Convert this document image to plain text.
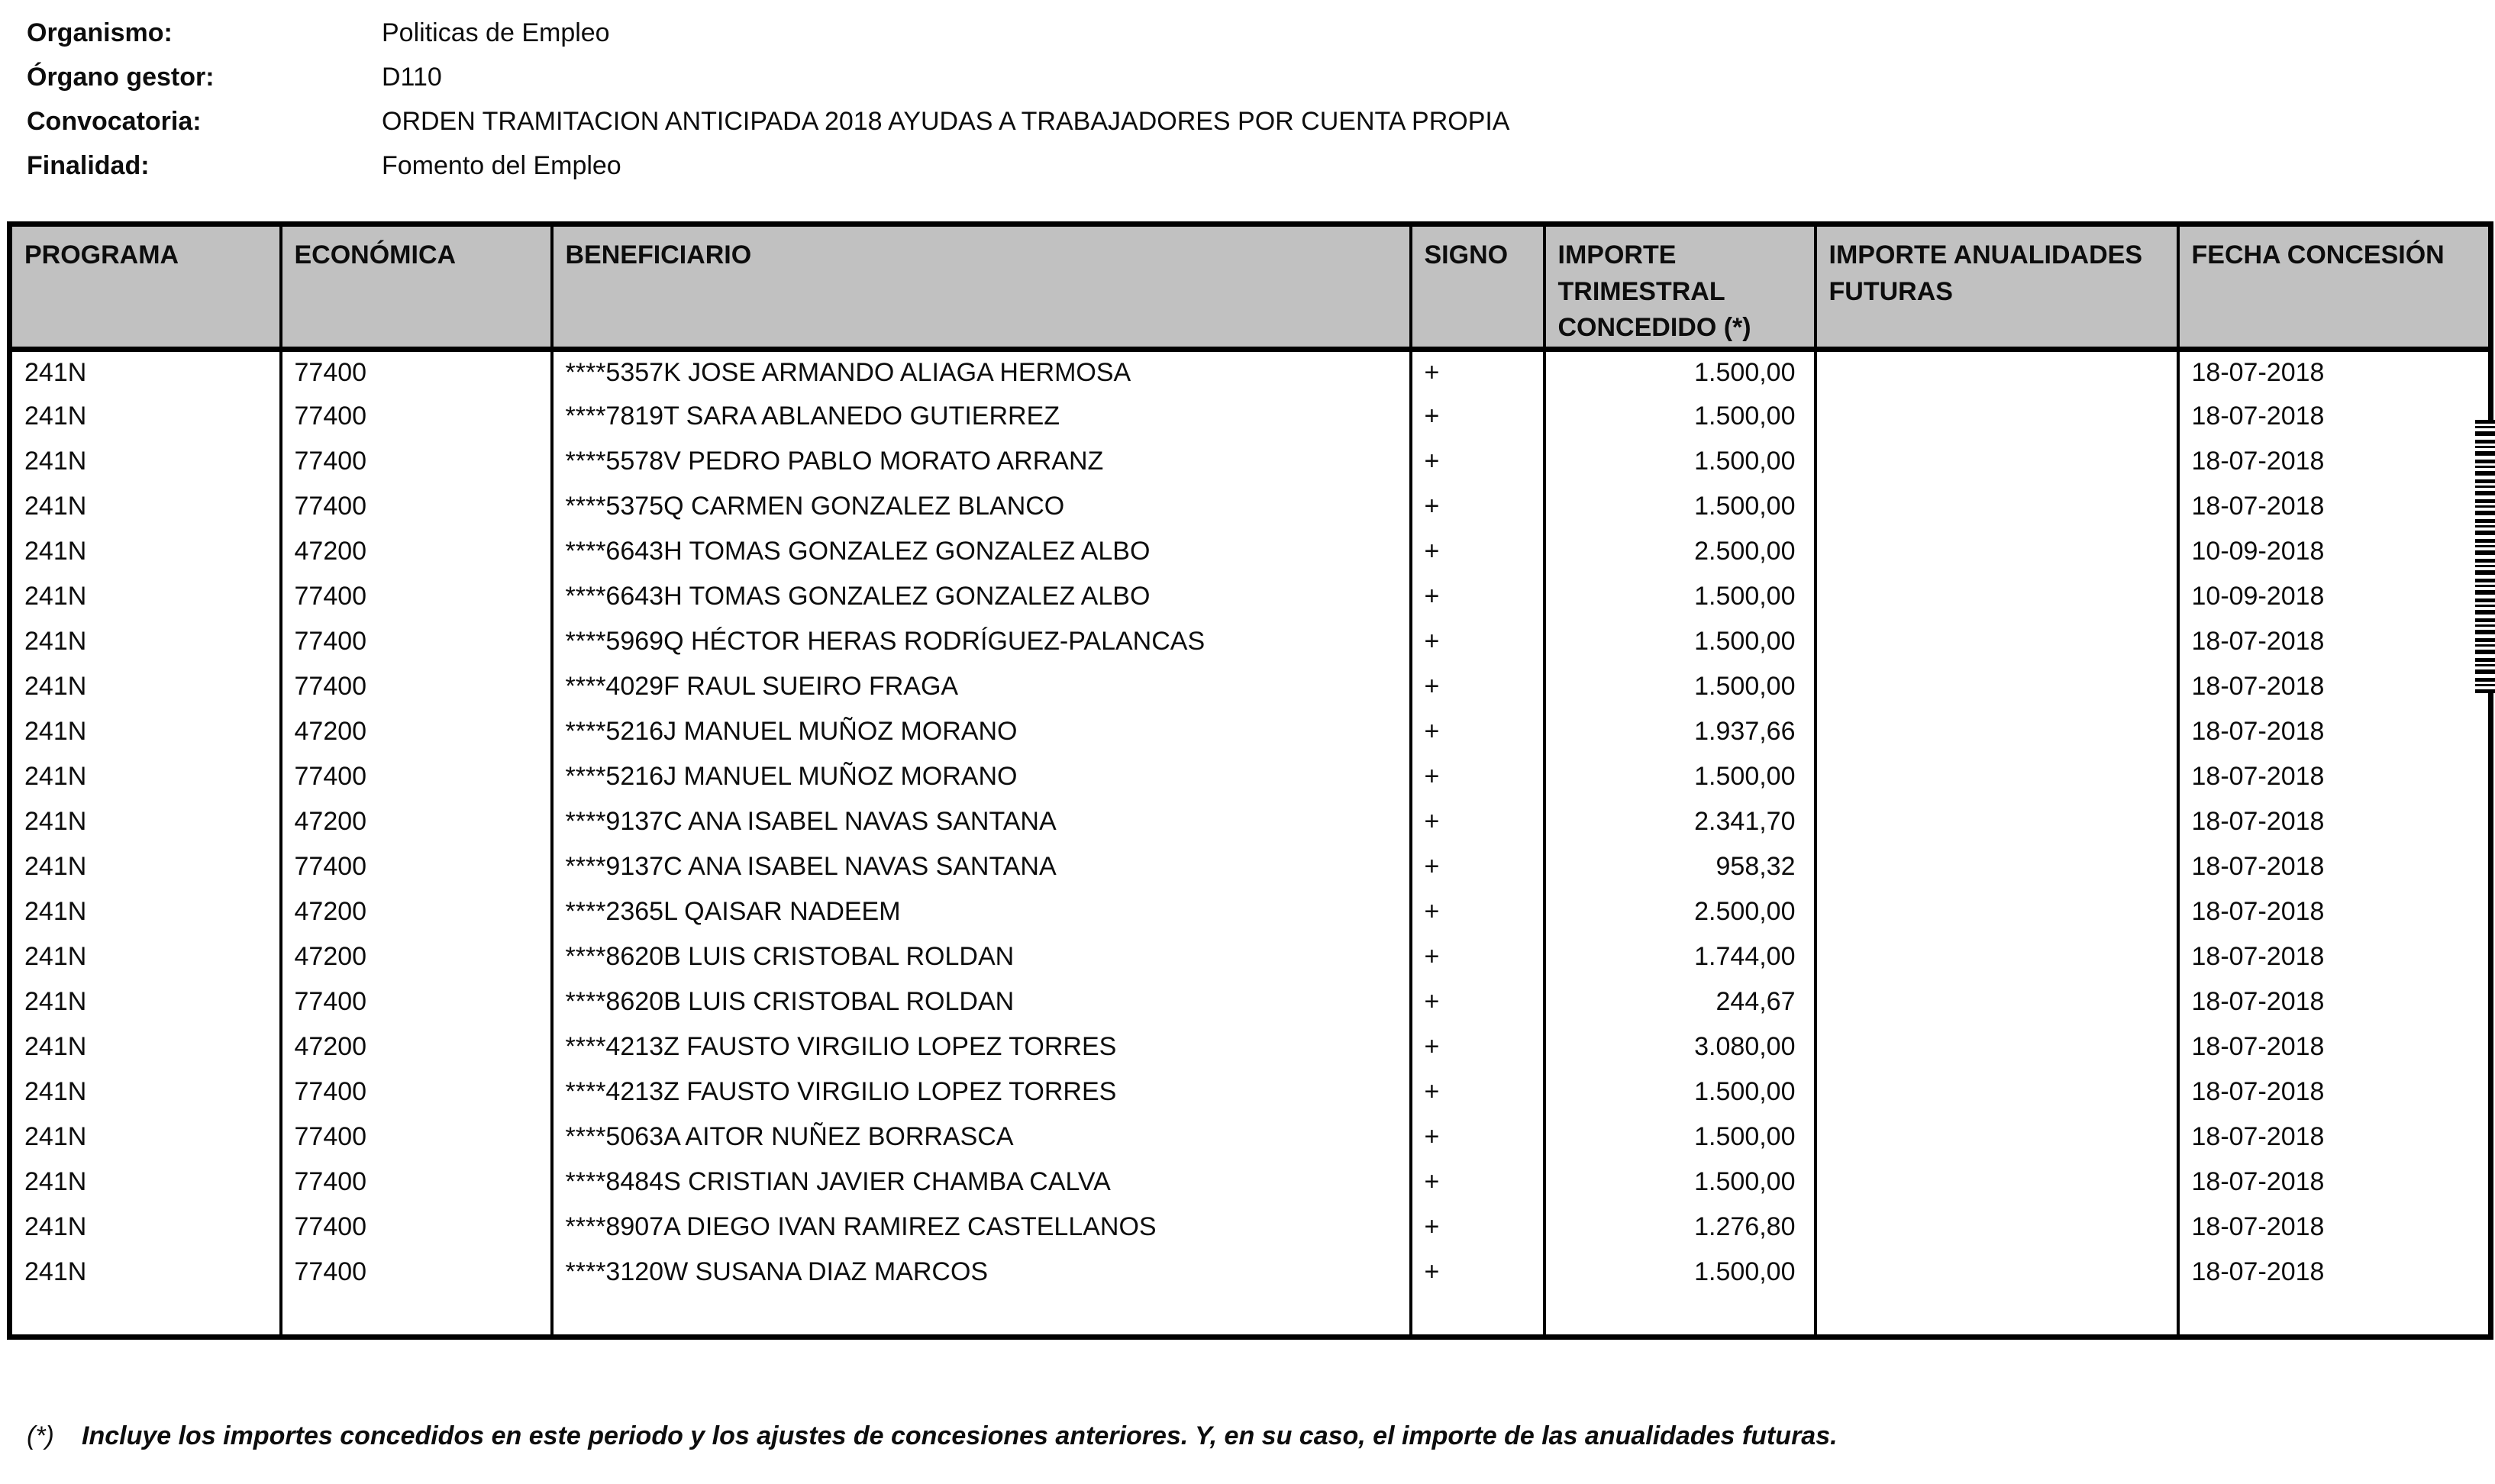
Organismo:	Politicas de Empleo
Órgano gestor:	D110
Convocatoria:	ORDEN TRAMITACION ANTICIPADA 2018 AYUDAS A TRABAJADORES POR CUENTA PROPIA
Finalidad:	Fomento del Empleo
PROGRAMA	ECONÓMICA	BENEFICIARIO	SIGNO	IMPORTE TRIMESTRAL CONCEDIDO (*)	IMPORTE ANUALIDADES FUTURAS	FECHA CONCESIÓN
241N	77400	****5357K JOSE ARMANDO ALIAGA HERMOSA	+	1.500,00		18-07-2018
241N	77400	****7819T SARA ABLANEDO GUTIERREZ	+	1.500,00		18-07-2018
241N	77400	****5578V PEDRO PABLO MORATO ARRANZ	+	1.500,00		18-07-2018
241N	77400	****5375Q CARMEN GONZALEZ BLANCO	+	1.500,00		18-07-2018
241N	47200	****6643H TOMAS GONZALEZ GONZALEZ ALBO	+	2.500,00		10-09-2018
241N	77400	****6643H TOMAS GONZALEZ GONZALEZ ALBO	+	1.500,00		10-09-2018
241N	77400	****5969Q HÉCTOR HERAS RODRÍGUEZ-PALANCAS	+	1.500,00		18-07-2018
241N	77400	****4029F RAUL SUEIRO FRAGA	+	1.500,00		18-07-2018
241N	47200	****5216J MANUEL MUÑOZ MORANO	+	1.937,66		18-07-2018
241N	77400	****5216J MANUEL MUÑOZ MORANO	+	1.500,00		18-07-2018
241N	47200	****9137C ANA ISABEL NAVAS SANTANA	+	2.341,70		18-07-2018
241N	77400	****9137C ANA ISABEL NAVAS SANTANA	+	958,32		18-07-2018
241N	47200	****2365L QAISAR NADEEM	+	2.500,00		18-07-2018
241N	47200	****8620B LUIS CRISTOBAL ROLDAN	+	1.744,00		18-07-2018
241N	77400	****8620B LUIS CRISTOBAL ROLDAN	+	244,67		18-07-2018
241N	47200	****4213Z FAUSTO VIRGILIO LOPEZ TORRES	+	3.080,00		18-07-2018
241N	77400	****4213Z FAUSTO VIRGILIO LOPEZ TORRES	+	1.500,00		18-07-2018
241N	77400	****5063A AITOR NUÑEZ BORRASCA	+	1.500,00		18-07-2018
241N	77400	****8484S CRISTIAN JAVIER CHAMBA CALVA	+	1.500,00		18-07-2018
241N	77400	****8907A DIEGO IVAN RAMIREZ CASTELLANOS	+	1.276,80		18-07-2018
241N	77400	****3120W SUSANA DIAZ MARCOS	+	1.500,00		18-07-2018

(*)	Incluye los importes concedidos en este periodo y los ajustes de concesiones anteriores. Y, en su caso, el importe de las anualidades futuras.
